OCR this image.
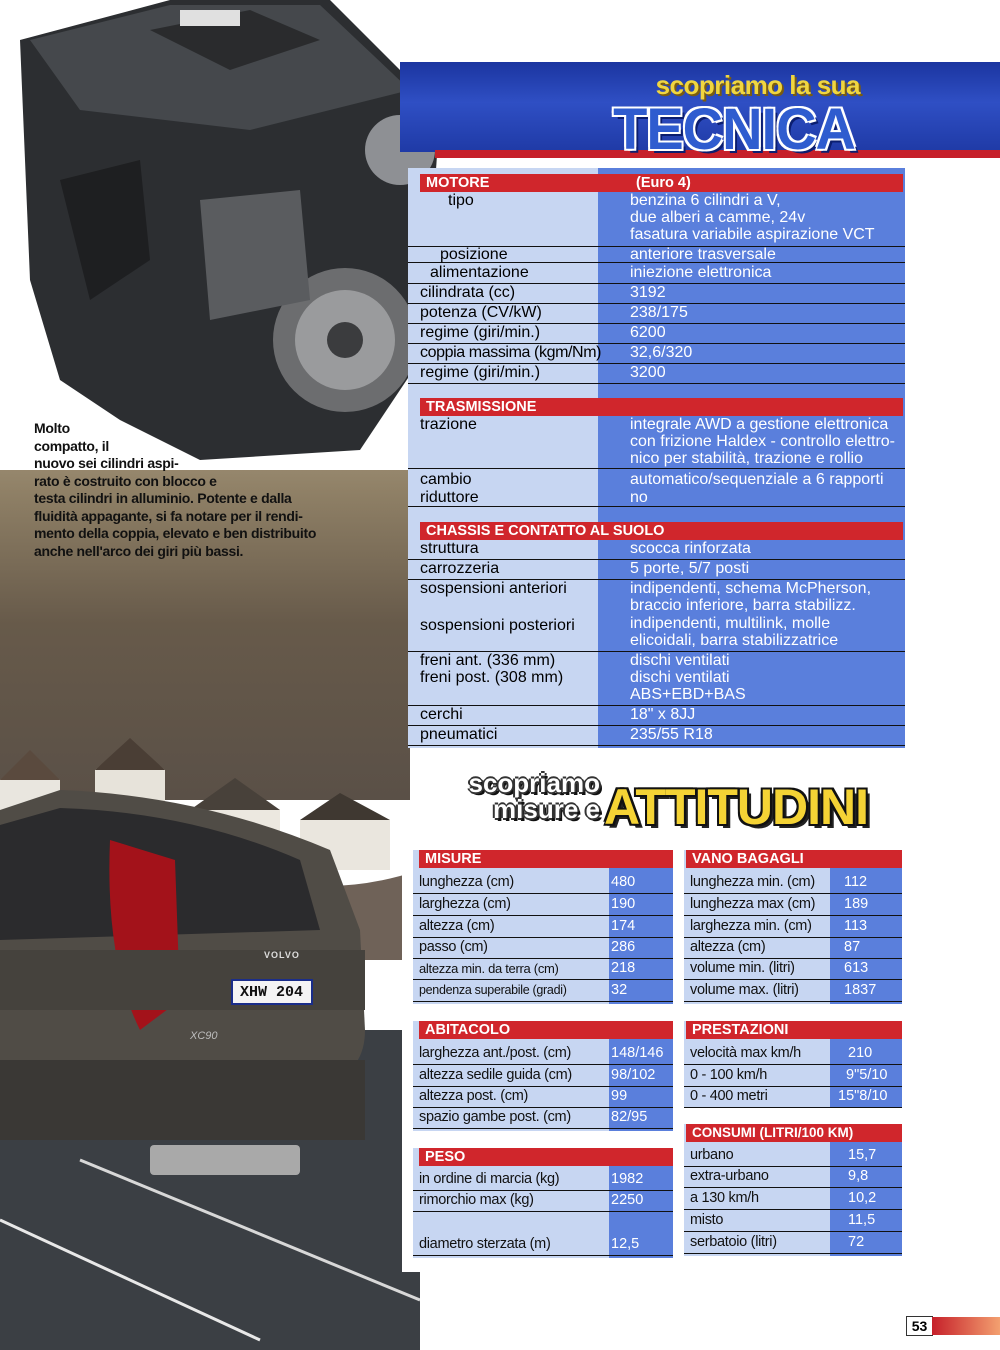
XHW 204
VOLVO
XC90
Molto
compatto, il
nuovo sei cilindri aspi-
rato è costruito con blocco e
testa cilindri in alluminio. Potente e dalla
fluidità appagante, si fa notare per il rendi-
mento della coppia, elevato e ben distribuito
anche nell'arco dei giri più bassi.
scopriamo la sua
TECNICA
MOTORE	(Euro 4)
tipo	benzina 6 cilindri a V,
due alberi a camme, 24v
fasatura variabile aspirazione VCT
posizione	anteriore trasversale
alimentazione	iniezione elettronica
cilindrata (cc)	3192
potenza (CV/kW)	238/175
regime (giri/min.)	6200
coppia massima (kgm/Nm) 32,6/320
regime (giri/min.)	3200
TRASMISSIONE
trazione	integrale AWD a gestione elettronica
con frizione Haldex - controllo elettro-
nico per stabilità, trazione e rollio
cambio	automatico/sequenziale a 6 rapporti
riduttore	no
CHASSIS E CONTATTO AL SUOLO
struttura	scocca rinforzata
carrozzeria	5 porte, 5/7 posti
sospensioni anteriori	indipendenti, schema McPherson,
braccio inferiore, barra stabilizz.
sospensioni posteriori	indipendenti, multilink, molle
elicoidali, barra stabilizzatrice
freni ant. (336 mm)	dischi ventilati
freni post. (308 mm)	dischi ventilati
ABS+EBD+BAS
cerchi	18" x 8JJ
pneumatici	235/55 R18
scopriamo
misure e ATTITUDINI
MISURE
lunghezza (cm)	480
larghezza (cm)	190
altezza (cm)	174
passo (cm)	286
altezza min. da terra (cm)	218
pendenza superabile (gradi)	32
ABITACOLO
larghezza ant./post. (cm)	148/146
altezza sedile guida (cm)	98/102
altezza post. (cm)	99
spazio gambe post. (cm)	82/95
PESO
in ordine di marcia (kg)	1982
rimorchio max (kg)	2250
diametro sterzata (m)	12,5
VANO BAGAGLI
lunghezza min. (cm) 112
lunghezza max (cm) 189
larghezza min. (cm) 113
altezza (cm)	87
volume min. (litri)	613
volume max. (litri)	1837
PRESTAZIONI
velocità max km/h	210
0 - 100 km/h	9"5/10
0 - 400 metri	15"8/10
CONSUMI (LITRI/100 KM)
urbano	15,7
extra-urbano	9,8
a 130 km/h	10,2
misto	11,5
serbatoio (litri)	72
53
